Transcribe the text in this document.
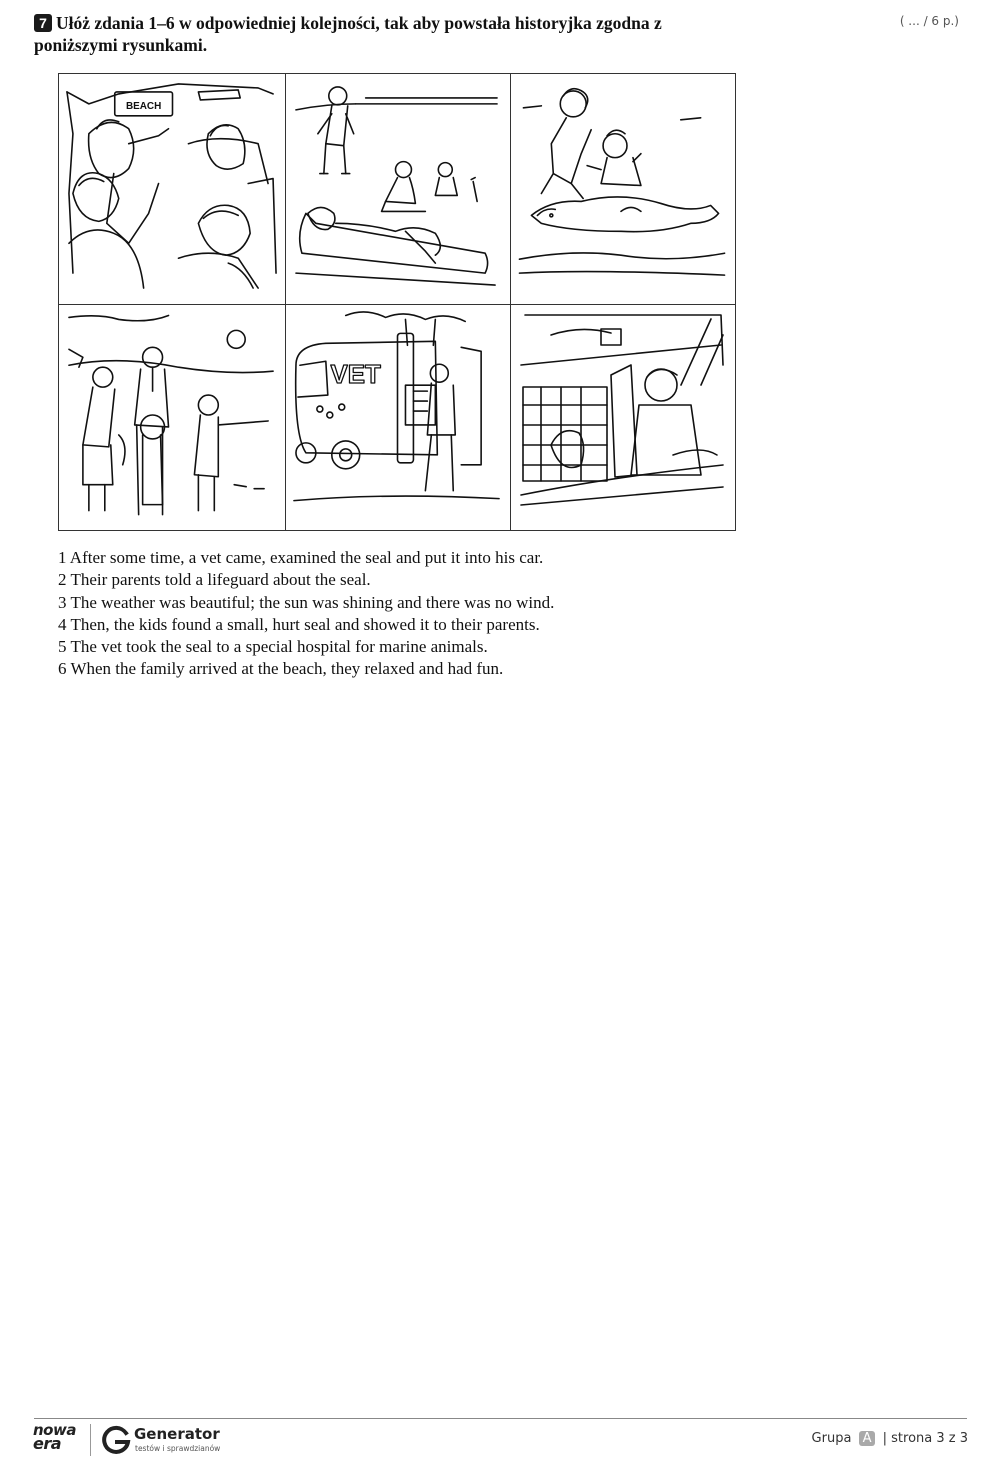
7 Ułóż zdania 1–6 w odpowiedniej kolejności, tak aby powstała historyjka zgodna z
poniższymi rysunkami.
( ... / 6 p.)
BEACH
VET
1 After some time, a vet came, examined the seal and put it into his car.
2 Their parents told a lifeguard about the seal.
3 The weather was beautiful; the sun was shining and there was no wind.
4 Then, the kids found a small, hurt seal and showed it to their parents.
5 The vet took the seal to a special hospital for marine animals.
6 When the family arrived at the beach, they relaxed and had fun.
nowa
era	Generator
testów i sprawdzianów
Grupa A | strona 3 z 3
